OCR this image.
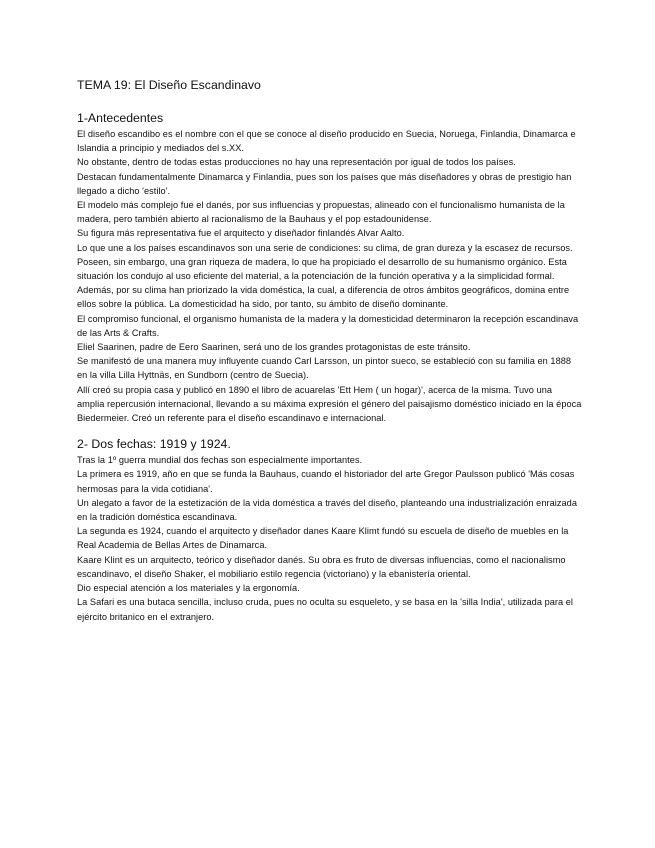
TEMA 19: El Diseño Escandinavo
1-Antecedentes

El diseño escandibo es el nombre con el que se conoce al diseño producido en Suecia, Noruega, Finlandia, Dinamarca e Islandia a principio y mediados del s.XX.

No obstante, dentro de todas estas producciones no hay una representación por igual de todos los países.

Destacan fundamentalmente Dinamarca y Finlandia, pues son los países que más diseñadores y obras de prestigio han llegado a dicho 'estilo'.

El modelo más complejo fue el danés, por sus influencias y propuestas, alineado con el funcionalismo humanista de la madera, pero también abierto al racionalismo de la Bauhaus y el pop estadounidense.

Su figura más representativa fue el arquitecto y diseñador finlandés Alvar Aalto.

Lo que une a los países escandinavos son una serie de condiciones: su clima, de gran dureza y la escasez de recursos.

Poseen, sin embargo, una gran riqueza de madera, lo que ha propiciado el desarrollo de su humanismo orgánico. Esta situación los condujo al uso eficiente del material, a la potenciación de la función operativa y a la simplicidad formal.

Además, por su clima han priorizado la vida doméstica, la cual, a diferencia de otros ámbitos geográficos, domina entre ellos sobre la pública. La domesticidad ha sido, por tanto, su ámbito de diseño dominante.

El compromiso funcional, el organismo humanista de la madera y la domesticidad determinaron la recepción escandinava de las Arts & Crafts.

Eliel Saarinen, padre de Eero Saarinen, será uno de los grandes protagonistas de este tránsito.

Se manifestó de una manera muy influyente cuando Carl Larsson, un pintor sueco, se estableció con su familia en 1888 en la villa Lilla Hyttnäs, en Sundborn (centro de Suecia).

Allí creó su propia casa y publicó en 1890 el libro de acuarelas 'Ett Hem ( un hogar)', acerca de la misma. Tuvo una amplia repercusión internacional, llevando a su máxima expresión el género del paisajismo doméstico iniciado en la época Biedermeier. Creó un referente para el diseño escandinavo e internacional.

2- Dos fechas: 1919 y 1924.

Tras la 1º guerra mundial dos fechas son especialmente importantes.

La primera es 1919, año en que se funda la Bauhaus, cuando el historiador del arte Gregor Paulsson publicó 'Más cosas hermosas para la vida cotidiana'.

Un alegato a favor de la estetización de la vida doméstica a través del diseño, planteando una industrialización enraizada en la tradición doméstica escandinava.

La segunda es 1924, cuando el arquitecto y diseñador danes Kaare Klimt fundó su escuela de diseño de muebles en la Real Academia de Bellas Artes de Dinamarca.

Kaare Klint es un arquitecto, teórico y diseñador danés. Su obra es fruto de diversas influencias, como el nacionalismo escandinavo, el diseño Shaker, el mobiliario estilo regencia (victoriano) y la ebanistería oriental.

Dio especial atención a los materiales y la ergonomía.

La Safari es una butaca sencilla, incluso cruda, pues no oculta su esqueleto, y se basa en la 'silla India', utilizada para el ejército britanico en el extranjero.
